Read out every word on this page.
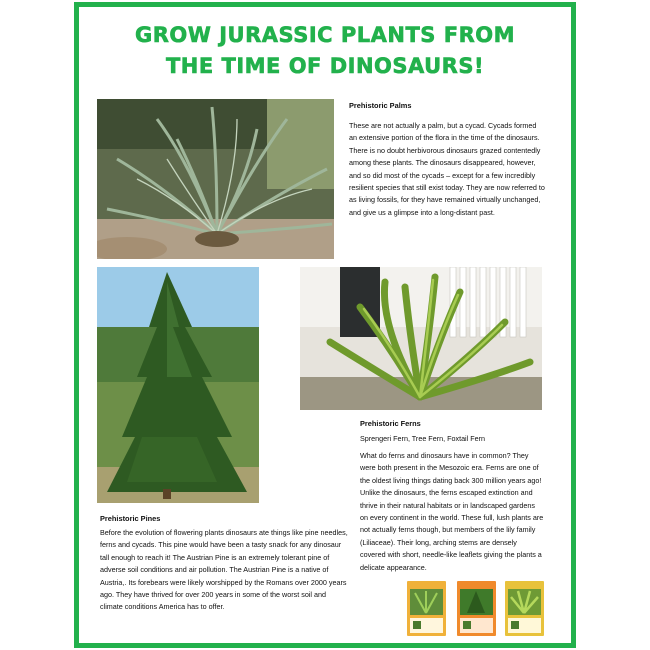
GROW JURASSIC PLANTS FROM
THE TIME OF DINOSAURS!
Prehistoric Palms

These are not actually a palm, but a cycad. Cycads formed an extensive portion of the flora in the time of the dinosaurs. There is no doubt herbivorous dinosaurs grazed contentedly among these plants. The dinosaurs disappeared, however, and so did most of the cycads – except for a few incredibly resilient species that still exist today. They are now referred to as living fossils, for they have remained virtually unchanged, and give us a glimpse into a long-distant past.

Prehistoric Ferns
Sprengeri Fern, Tree Fern, Foxtail Fern

What do ferns and dinosaurs have in common? They were both present in the Mesozoic era. Ferns are one of the oldest living things dating back 300 million years ago! Unlike the dinosaurs, the ferns escaped extinction and thrive in their natural habitats or in landscaped gardens on every continent in the world. These full, lush plants are not actually ferns though, but members of the lily family (Liliaceae). Their long, arching stems are densely covered with short, needle-like leaflets giving the plants a delicate appearance.

Prehistoric Pines

Before the evolution of flowering plants dinosaurs ate things like pine needles, ferns and cycads. This pine would have been a tasty snack for any dinosaur tall enough to reach it! The Austrian Pine is an extremely tolerant pine of adverse soil conditions and air pollution. The Austrian Pine is a native of Austria,. Its forebears were likely worshipped by the Romans over 2000 years ago. They have thrived for over 200 years in some of the worst soil and climate conditions America has to offer.
